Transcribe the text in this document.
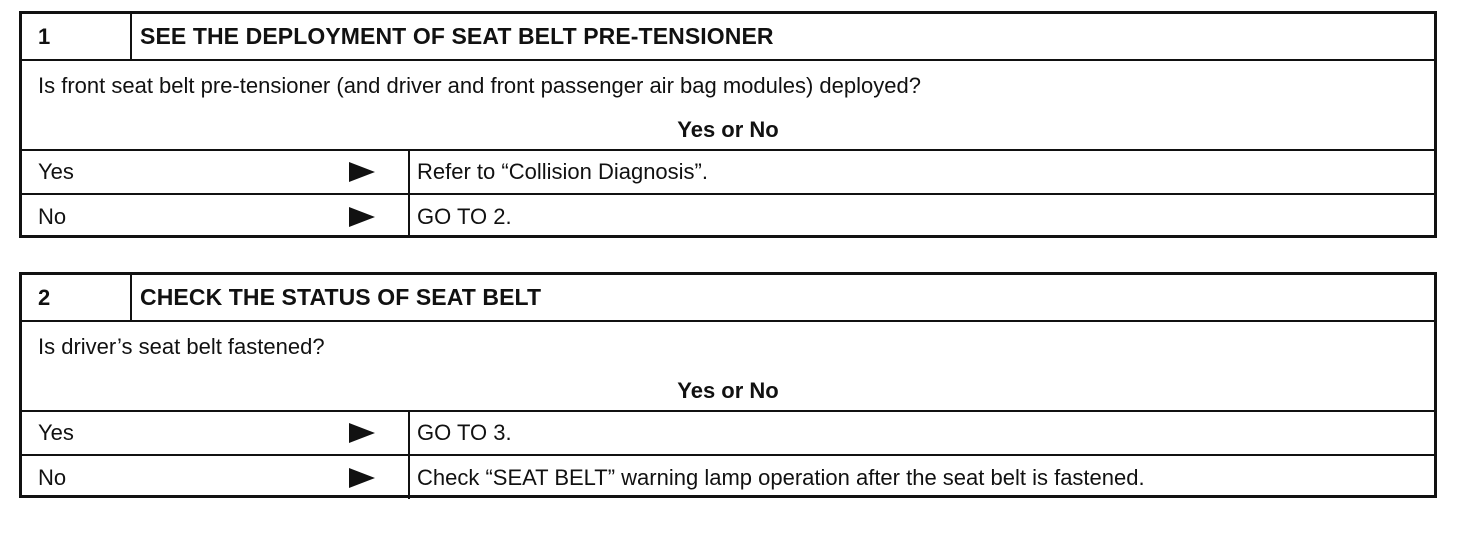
1	SEE THE DEPLOYMENT OF SEAT BELT PRE-TENSIONER
Is front seat belt pre-tensioner (and driver and front passenger air bag modules) deployed?
Yes or No
Yes	Refer to “Collision Diagnosis”.
No	GO TO 2.
2	CHECK THE STATUS OF SEAT BELT
Is driver’s seat belt fastened?
Yes or No
Yes	GO TO 3.
No	Check “SEAT BELT” warning lamp operation after the seat belt is fastened.
